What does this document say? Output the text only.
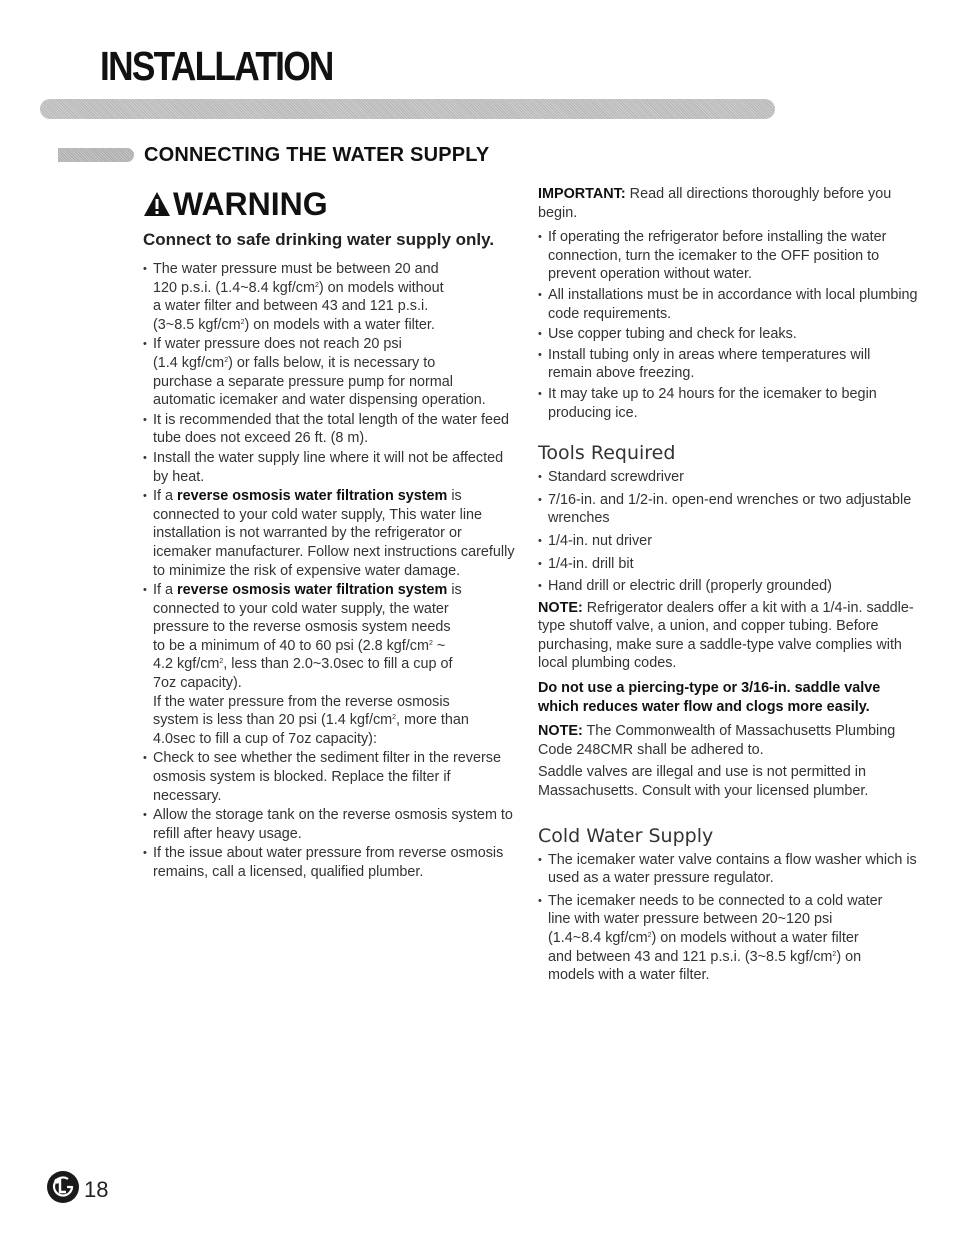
INSTALLATION
CONNECTING THE WATER SUPPLY
WARNING

Connect to safe drinking water supply only.

• The water pressure must be between 20 and
120 p.s.i. (1.4~8.4 kgf/$cm^2$) on models without
a water filter and between 43 and 121 p.s.i.
(3~8.5 kgf/$cm^2$) on models with a water filter.
• If water pressure does not reach 20 psi
(1.4 kgf/$cm^2$) or falls below, it is necessary to
purchase a separate pressure pump for normal
automatic icemaker and water dispensing operation.
• It is recommended that the total length of the water feed tube does not exceed 26 ft. (8 m).
• Install the water supply line where it will not be affected by heat.
• If a reverse osmosis water filtration system is connected to your cold water supply, This water line installation is not warranted by the refrigerator or icemaker manufacturer. Follow next instructions carefully to minimize the risk of expensive water damage.
• If a reverse osmosis water filtration system is
connected to your cold water supply, the water
pressure to the reverse osmosis system needs
to be a minimum of 40 to 60 psi (2.8 kgf/$cm^2$ ~
4.2 kgf/$cm^2$, less than 2.0~3.0sec to fill a cup of
7oz capacity).
If the water pressure from the reverse osmosis
system is less than 20 psi (1.4 kgf/$cm^2$, more than
4.0sec to fill a cup of 7oz capacity):
• Check to see whether the sediment filter in the reverse osmosis system is blocked. Replace the filter if necessary.
• Allow the storage tank on the reverse osmosis system to refill after heavy usage.
• If the issue about water pressure from reverse osmosis remains, call a licensed, qualified plumber.

IMPORTANT: Read all directions thoroughly before you begin.

• If operating the refrigerator before installing the water connection, turn the icemaker to the OFF position to prevent operation without water.
• All installations must be in accordance with local plumbing code requirements.
• Use copper tubing and check for leaks.
• Install tubing only in areas where temperatures will remain above freezing.
• It may take up to 24 hours for the icemaker to begin producing ice.
Tools Required
• Standard screwdriver
• 7/16-in. and 1/2-in. open-end wrenches or two adjustable wrenches
• 1/4-in. nut driver
• 1/4-in. drill bit
• Hand drill or electric drill (properly grounded)

NOTE: Refrigerator dealers offer a kit with a 1/4-in. saddle-type shutoff valve, a union, and copper tubing. Before purchasing, make sure a saddle-type valve complies with local plumbing codes.

Do not use a piercing-type or 3/16-in. saddle valve which reduces water flow and clogs more easily.

NOTE: The Commonwealth of Massachusetts Plumbing Code 248CMR shall be adhered to.

Saddle valves are illegal and use is not permitted in Massachusetts. Consult with your licensed plumber.

Cold Water Supply
• The icemaker water valve contains a flow washer which is used as a water pressure regulator.
• The icemaker needs to be connected to a cold water
line with water pressure between 20~120 psi
(1.4~8.4 kgf/$cm^2$) on models without a water filter
and between 43 and 121 p.s.i. (3~8.5 kgf/$cm^2$) on
models with a water filter.
18
